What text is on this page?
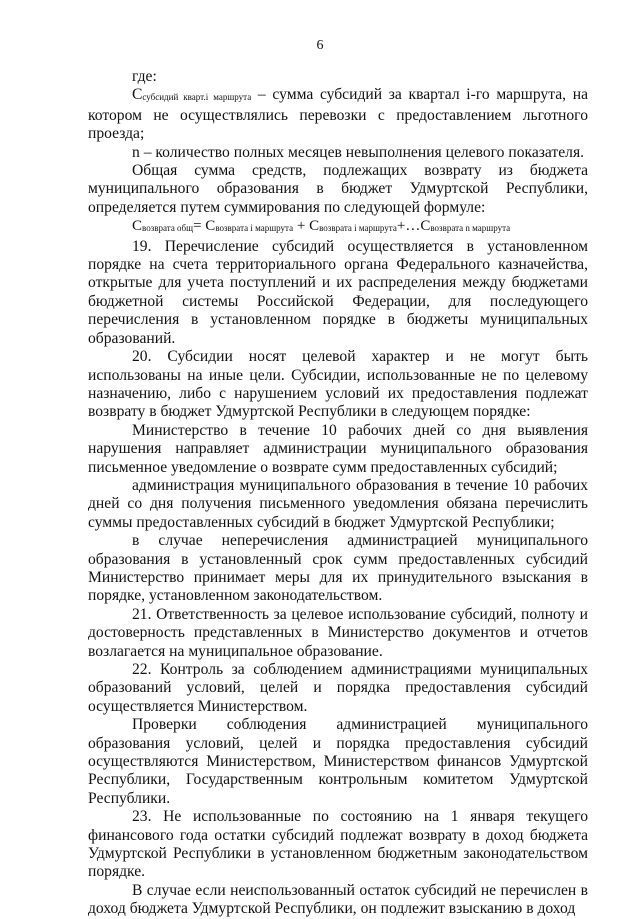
6

где:

Ссубсидий кварт.i маршрута – сумма субсидий за квартал i-го маршрута, на котором не осуществлялись перевозки с предоставлением льготного проезда;

n – количество полных месяцев невыполнения целевого показателя.

Общая сумма средств, подлежащих возврату из бюджета муниципального образования в бюджет Удмуртской Республики, определяется путем суммирования по следующей формуле:

Свозврата общ= Свозврата i маршрута + Свозврата i маршрута+…Свозврата n маршрута

19. Перечисление субсидий осуществляется в установленном порядке на счета территориального органа Федерального казначейства, открытые для учета поступлений и их распределения между бюджетами бюджетной системы Российской Федерации, для последующего перечисления в установленном порядке в бюджеты муниципальных образований.

20. Субсидии носят целевой характер и не могут быть использованы на иные цели. Субсидии, использованные не по целевому назначению, либо с нарушением условий их предоставления подлежат возврату в бюджет Удмуртской Республики в следующем порядке:

Министерство в течение 10 рабочих дней со дня выявления нарушения направляет администрации муниципального образования письменное уведомление о возврате сумм предоставленных субсидий;

администрация муниципального образования в течение 10 рабочих дней со дня получения письменного уведомления обязана перечислить суммы предоставленных субсидий в бюджет Удмуртской Республики;

в случае неперечисления администрацией муниципального образования в установленный срок сумм предоставленных субсидий Министерство принимает меры для их принудительного взыскания в порядке, установленном законодательством.

21. Ответственность за целевое использование субсидий, полноту и достоверность представленных в Министерство документов и отчетов возлагается на муниципальное образование.

22. Контроль за соблюдением администрациями муниципальных образований условий, целей и порядка предоставления субсидий осуществляется Министерством.

Проверки соблюдения администрацией муниципального образования условий, целей и порядка предоставления субсидий осуществляются Министерством, Министерством финансов Удмуртской Республики, Государственным контрольным комитетом Удмуртской Республики.

23. Не использованные по состоянию на 1 января текущего финансового года остатки субсидий подлежат возврату в доход бюджета Удмуртской Республики в установленном бюджетным законодательством порядке.

В случае если неиспользованный остаток субсидий не перечислен в доход бюджета Удмуртской Республики, он подлежит взысканию в доход
